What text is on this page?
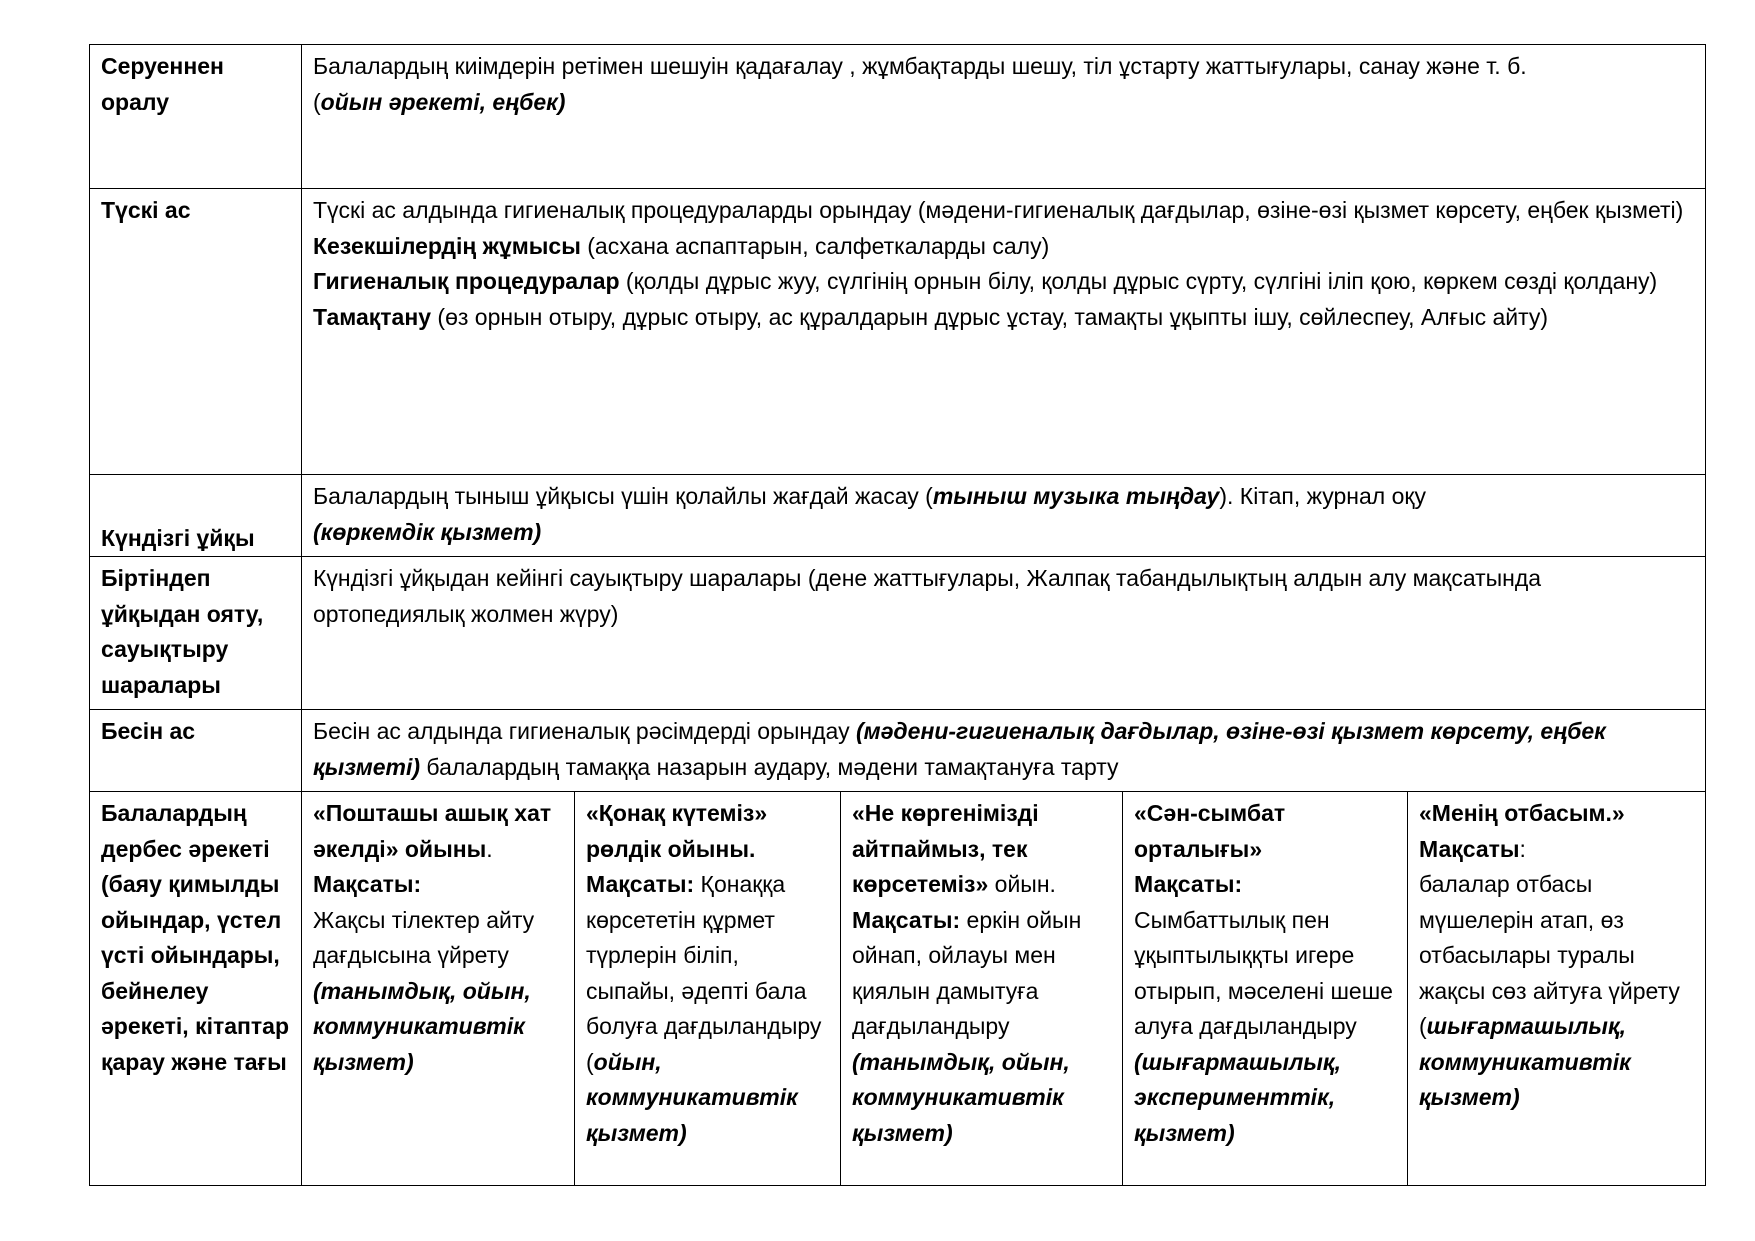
Серуеннен оралу	Балалардың киімдерін ретімен шешуін қадағалау , жұмбақтарды шешу, тіл ұстарту жаттығулары, санау және т. б.
(ойын әрекеті, еңбек)				
Түскі ас	Түскі ас алдында гигиеналық процедураларды орындау (мәдени-гигиеналық дағдылар, өзіне-өзі қызмет көрсету, еңбек қызметі)
Кезекшілердің жұмысы (асхана аспаптарын, салфеткаларды салу)
Гигиеналық процедуралар (қолды дұрыс жуу, сүлгінің орнын білу, қолды дұрыс сүрту, сүлгіні іліп қою, көркем сөзді қолдану)
Тамақтану (өз орнын отыру, дұрыс отыру, ас құралдарын дұрыс ұстау, тамақты ұқыпты ішу, сөйлеспеу, Алғыс айту)				

Күндізгі ұйқы	Балалардың тыныш ұйқысы үшін қолайлы жағдай жасау (тыныш музыка тыңдау). Кітап, журнал оқу
(көркемдік қызмет)				
Біртіндеп ұйқыдан ояту, сауықтыру шаралары	Күндізгі ұйқыдан кейінгі сауықтыру шаралары (дене жаттығулары, Жалпақ табандылықтың алдын алу мақсатында ортопедиялық жолмен жүру)				
Бесін ас	Бесін ас алдында гигиеналық рәсімдерді орындау (мәдени-гигиеналық дағдылар, өзіне-өзі қызмет көрсету, еңбек қызметі) балалардың тамаққа назарын аудару, мәдени тамақтануға тарту				
Балалардың дербес әрекеті (баяу қимылды ойындар, үстел үсті ойындары, бейнелеу әрекеті, кітаптар қарау және тағы	«Пошташы ашық хат әкелді» ойыны.
Мақсаты:
Жақсы тілектер айту дағдысына үйрету
(танымдық, ойын, коммуникативтік қызмет)	«Қонақ күтеміз» рөлдік ойыны.
Мақсаты: Қонаққа көрсететін құрмет түрлерін біліп, сыпайы, әдепті бала болуға дағдыландыру
(ойын, коммуникативтік қызмет)	«Не көргенімізді айтпаймыз, тек көрсетеміз» ойын.
Мақсаты: еркін ойын ойнап, ойлауы мен қиялын дамытуға дағдыландыру
(танымдық, ойын, коммуникативтік қызмет)	«Сән-сымбат орталығы»
Мақсаты:
Сымбаттылық пен ұқыптылыққты игере отырып, мәселені шеше алуға дағдыландыру
(шығармашылық, эксперименттік, қызмет)	«Менің отбасым.»
Мақсаты:
балалар отбасы мүшелерін атап, өз отбасылары туралы жақсы сөз айтуға үйрету
(шығармашылық, коммуникативтік қызмет)
